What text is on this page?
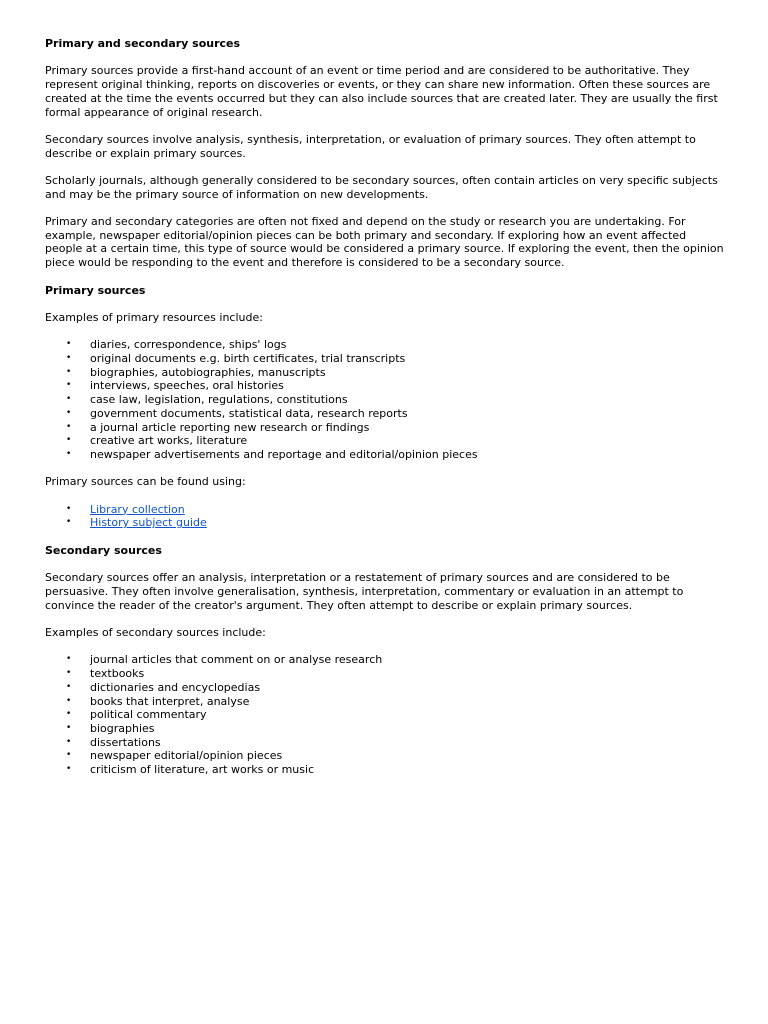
Primary and secondary sources

Primary sources provide a first-hand account of an event or time period and are considered to be authoritative. They represent original thinking, reports on discoveries or events, or they can share new information. Often these sources are created at the time the events occurred but they can also include sources that are created later. They are usually the first formal appearance of original research.

Secondary sources involve analysis, synthesis, interpretation, or evaluation of primary sources. They often attempt to describe or explain primary sources.

Scholarly journals, although generally considered to be secondary sources, often contain articles on very specific subjects and may be the primary source of information on new developments.

Primary and secondary categories are often not fixed and depend on the study or research you are undertaking. For example, newspaper editorial/opinion pieces can be both primary and secondary. If exploring how an event affected people at a certain time, this type of source would be considered a primary source. If exploring the event, then the opinion piece would be responding to the event and therefore is considered to be a secondary source.

Primary sources

Examples of primary resources include:

• diaries, correspondence, ships' logs
• original documents e.g. birth certificates, trial transcripts
• biographies, autobiographies, manuscripts
• interviews, speeches, oral histories
• case law, legislation, regulations, constitutions
• government documents, statistical data, research reports
• a journal article reporting new research or findings
• creative art works, literature
• newspaper advertisements and reportage and editorial/opinion pieces

Primary sources can be found using:

• Library collection
• History subject guide
Secondary sources

Secondary sources offer an analysis, interpretation or a restatement of primary sources and are considered to be persuasive. They often involve generalisation, synthesis, interpretation, commentary or evaluation in an attempt to convince the reader of the creator's argument. They often attempt to describe or explain primary sources.

Examples of secondary sources include:

• journal articles that comment on or analyse research
• textbooks
• dictionaries and encyclopedias
• books that interpret, analyse
• political commentary
• biographies
• dissertations
• newspaper editorial/opinion pieces
• criticism of literature, art works or music
